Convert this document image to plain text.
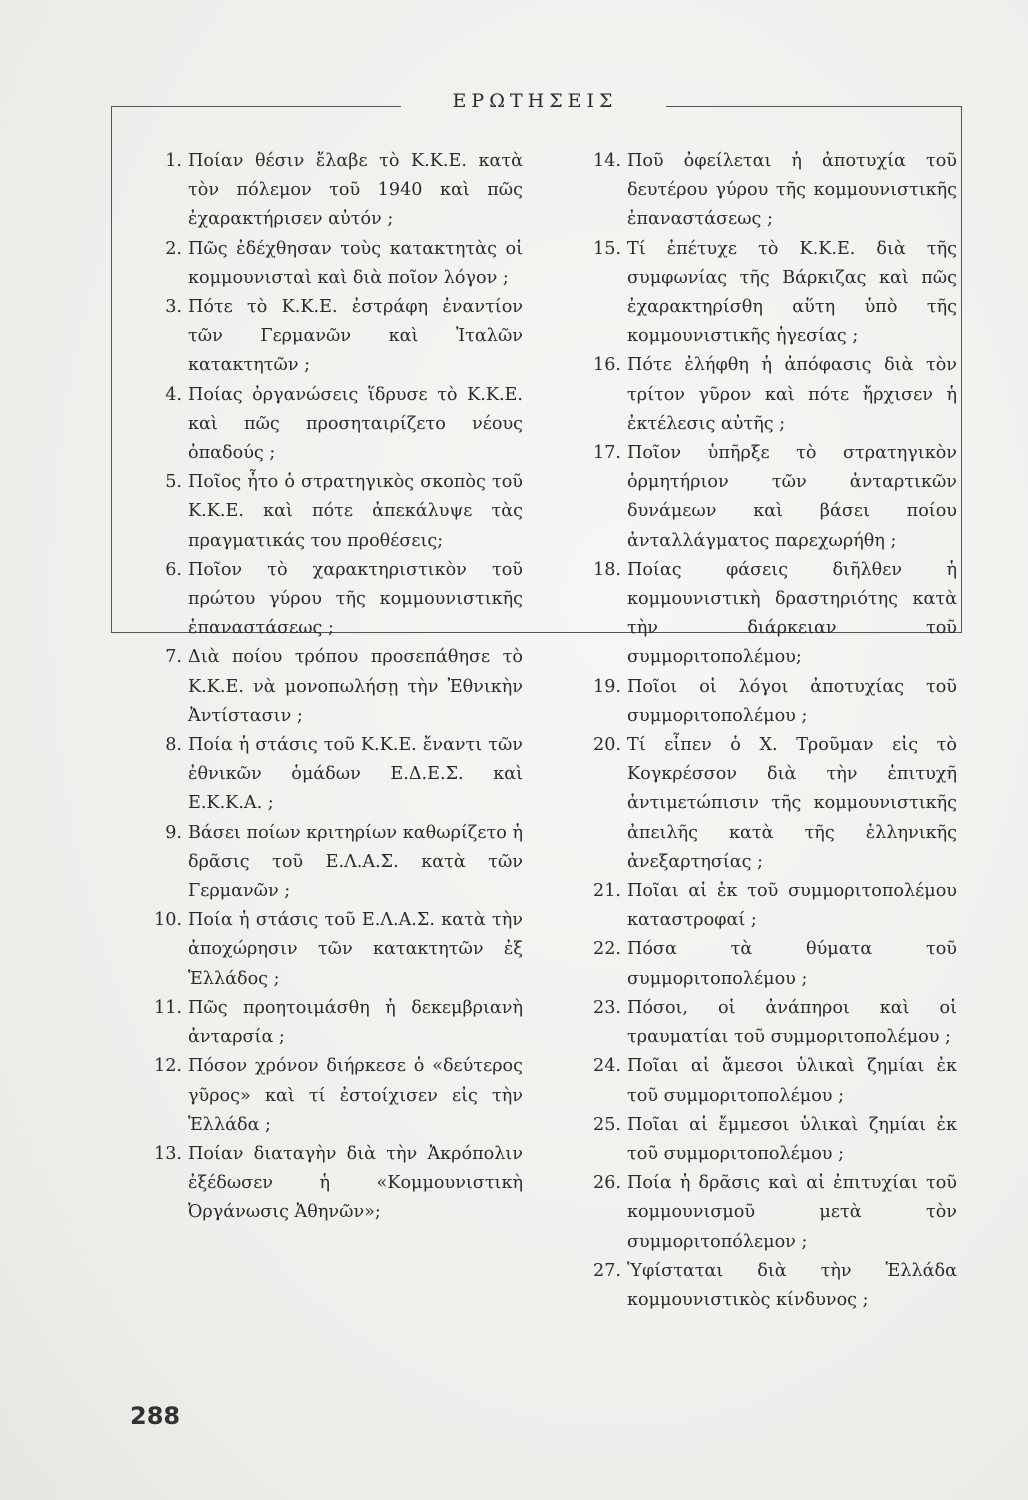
ΕΡΩΤΗΣΕΙΣ
1. Ποίαν θέσιν ἔλαβε τὸ Κ.Κ.Ε. κατὰ τὸν πόλεμον τοῦ 1940 καὶ πῶς ἐχαρακτήρισεν αὐτόν ;
2. Πῶς ἐδέχθησαν τοὺς κατακτητὰς οἱ κομμουνισταὶ καὶ διὰ ποῖον λόγον ;
3. Πότε τὸ Κ.Κ.Ε. ἐστράφη ἐναντίον τῶν Γερμανῶν καὶ Ἰταλῶν κατακτητῶν ;
4. Ποίας ὀργανώσεις ἵδρυσε τὸ Κ.Κ.Ε. καὶ πῶς προσηταιρίζετο νέους ὀπαδούς ;
5. Ποῖος ἦτο ὁ στρατηγικὸς σκοπὸς τοῦ Κ.Κ.Ε. καὶ πότε ἀπεκάλυψε τὰς πραγματικάς του προθέσεις;
6. Ποῖον τὸ χαρακτηριστικὸν τοῦ πρώτου γύρου τῆς κομμουνιστικῆς ἐπαναστάσεως ;
7. Διὰ ποίου τρόπου προσεπάθησε τὸ Κ.Κ.Ε. νὰ μονοπωλήσῃ τὴν Ἐθνικὴν Ἀντίστασιν ;
8. Ποία ἡ στάσις τοῦ Κ.Κ.Ε. ἔναντι τῶν ἐθνικῶν ὁμάδων Ε.Δ.Ε.Σ. καὶ Ε.Κ.Κ.Α. ;
9. Βάσει ποίων κριτηρίων καθωρίζετο ἡ δρᾶσις τοῦ Ε.Λ.Α.Σ. κατὰ τῶν Γερμανῶν ;
10. Ποία ἡ στάσις τοῦ Ε.Λ.Α.Σ. κατὰ τὴν ἀποχώρησιν τῶν κατακτητῶν ἐξ Ἑλλάδος ;
11. Πῶς προητοιμάσθη ἡ δεκεμβριανὴ ἀνταρσία ;
12. Πόσον χρόνον διήρκεσε ὁ «δεύτερος γῦρος» καὶ τί ἐστοίχισεν εἰς τὴν Ἑλλάδα ;
13. Ποίαν διαταγὴν διὰ τὴν Ἀκρόπολιν ἐξέδωσεν ἡ «Κομμουνιστικὴ Ὀργάνωσις Ἀθηνῶν»;
14. Ποῦ ὀφείλεται ἡ ἀποτυχία τοῦ δευτέρου γύρου τῆς κομμουνιστικῆς ἐπαναστάσεως ;
15. Τί ἐπέτυχε τὸ Κ.Κ.Ε. διὰ τῆς συμφωνίας τῆς Βάρκιζας καὶ πῶς ἐχαρακτηρίσθη αὕτη ὑπὸ τῆς κομμουνιστικῆς ἡγεσίας ;
16. Πότε ἐλήφθη ἡ ἀπόφασις διὰ τὸν τρίτον γῦρον καὶ πότε ἤρχισεν ἡ ἐκτέλεσις αὐτῆς ;
17. Ποῖον ὑπῆρξε τὸ στρατηγικὸν ὁρμητήριον τῶν ἀνταρτικῶν δυνάμεων καὶ βάσει ποίου ἀνταλλάγματος παρεχωρήθη ;
18. Ποίας φάσεις διῆλθεν ἡ κομμουνιστικὴ δραστηριότης κατὰ τὴν διάρκειαν τοῦ συμμοριτοπολέμου;
19. Ποῖοι οἱ λόγοι ἀποτυχίας τοῦ συμμοριτοπολέμου ;
20. Τί εἶπεν ὁ Χ. Τροῦμαν εἰς τὸ Κογκρέσσον διὰ τὴν ἐπιτυχῆ ἀντιμετώπισιν τῆς κομμουνιστικῆς ἀπειλῆς κατὰ τῆς ἑλληνικῆς ἀνεξαρτησίας ;
21. Ποῖαι αἱ ἐκ τοῦ συμμοριτοπολέμου καταστροφαί ;
22. Πόσα τὰ θύματα τοῦ συμμοριτοπολέμου ;
23. Πόσοι, οἱ ἀνάπηροι καὶ οἱ τραυματίαι τοῦ συμμοριτοπολέμου ;
24. Ποῖαι αἱ ἄμεσοι ὑλικαὶ ζημίαι ἐκ τοῦ συμμοριτοπολέμου ;
25. Ποῖαι αἱ ἔμμεσοι ὑλικαὶ ζημίαι ἐκ τοῦ συμμοριτοπολέμου ;
26. Ποία ἡ δρᾶσις καὶ αἱ ἐπιτυχίαι τοῦ κομμουνισμοῦ μετὰ τὸν συμμοριτοπόλεμον ;
27. Ὑφίσταται διὰ τὴν Ἑλλάδα κομμουνιστικὸς κίνδυνος ;
288
